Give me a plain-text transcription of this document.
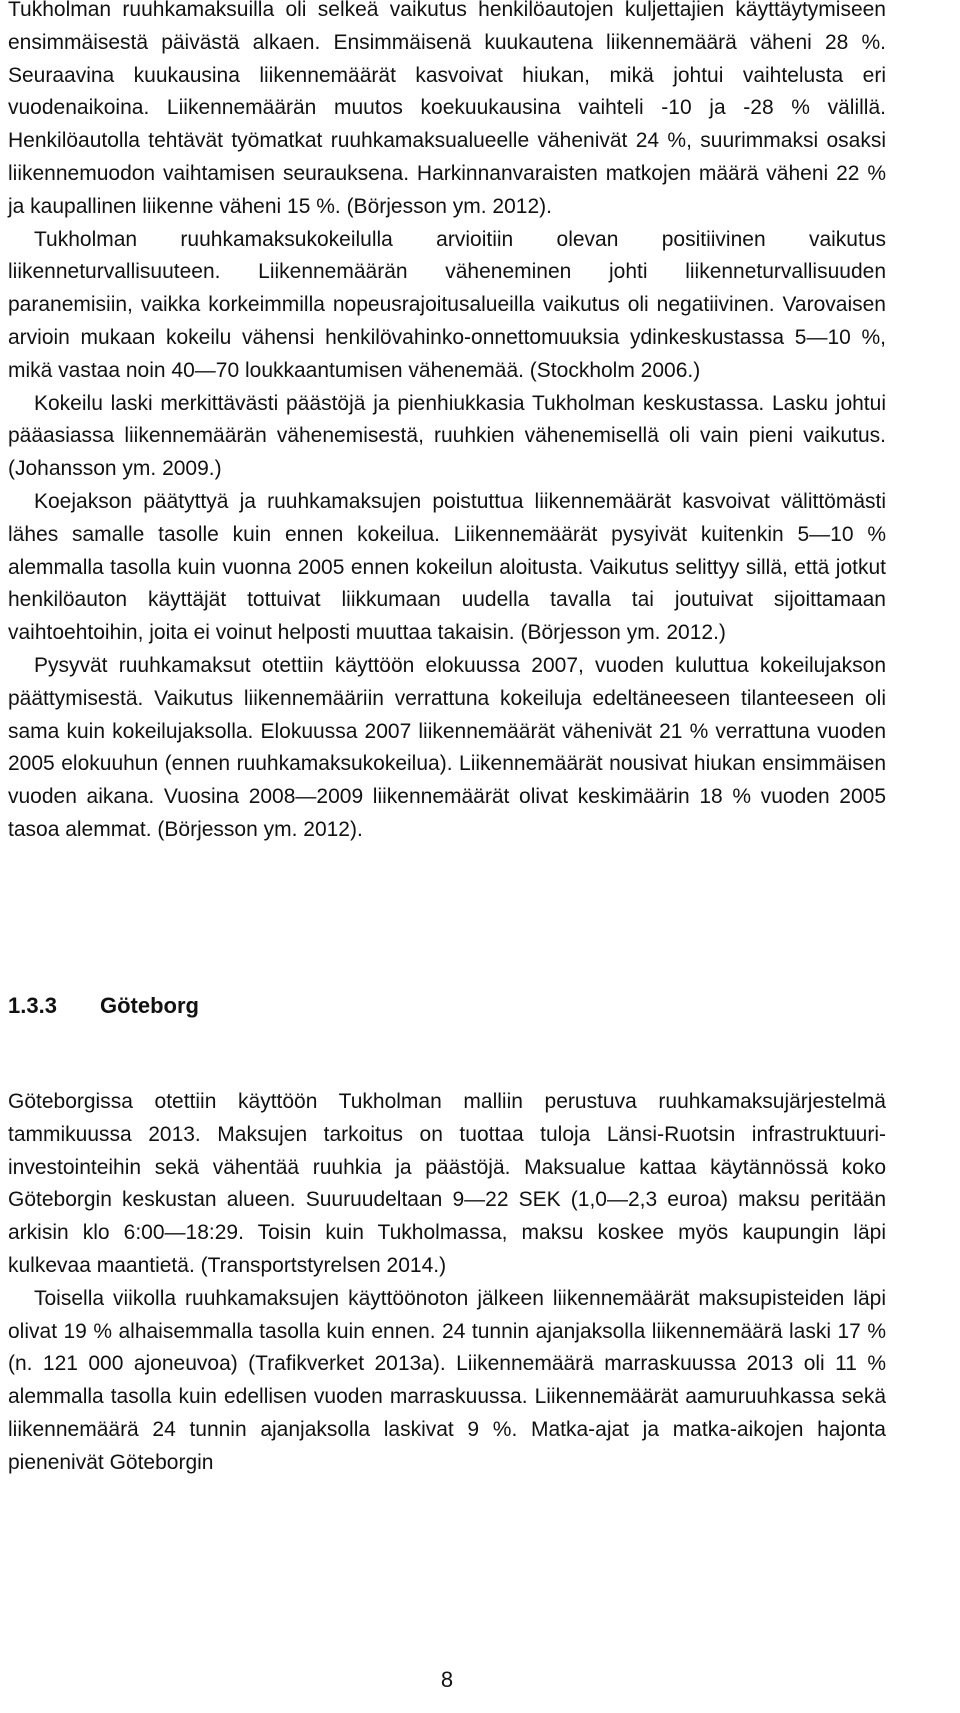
Tukholman ruuhkamaksuilla oli selkeä vaikutus henkilöautojen kuljettajien käyttäytymiseen ensimmäisestä päivästä alkaen. Ensimmäisenä kuukautena liikennemäärä väheni 28 %. Seuraavina kuukausina liikennemäärät kasvoivat hiukan, mikä johtui vaihtelusta eri vuodenaikoina. Liikennemäärän muutos koekuukausina vaihteli -10 ja -28 % välillä. Henkilöautolla tehtävät työmatkat ruuhkamaksualueelle vähenivät 24 %, suurimmaksi osaksi liikennemuodon vaihtamisen seurauksena. Harkinnanvaraisten matkojen määrä väheni 22 % ja kaupallinen liikenne väheni 15 %. (Börjesson ym. 2012).

Tukholman ruuhkamaksukokeilulla arvioitiin olevan positiivinen vaikutus liikenneturvallisuuteen. Liikennemäärän väheneminen johti liikenneturvallisuuden paranemisiin, vaikka korkeimmilla nopeusrajoitusalueilla vaikutus oli negatiivinen. Varovaisen arvioin mukaan kokeilu vähensi henkilövahinko-onnettomuuksia ydinkeskustassa 5—10 %, mikä vastaa noin 40—70 loukkaantumisen vähenemää. (Stockholm 2006.)

Kokeilu laski merkittävästi päästöjä ja pienhiukkasia Tukholman keskustassa. Lasku johtui pääasiassa liikennemäärän vähenemisestä, ruuhkien vähenemisellä oli vain pieni vaikutus. (Johansson ym. 2009.)

Koejakson päätyttyä ja ruuhkamaksujen poistuttua liikennemäärät kasvoivat välittömästi lähes samalle tasolle kuin ennen kokeilua. Liikennemäärät pysyivät kuitenkin 5—10 % alemmalla tasolla kuin vuonna 2005 ennen kokeilun aloitusta. Vaikutus selittyy sillä, että jotkut henkilöauton käyttäjät tottuivat liikkumaan uudella tavalla tai joutuivat sijoittamaan vaihtoehtoihin, joita ei voinut helposti muuttaa takaisin. (Börjesson ym. 2012.)

Pysyvät ruuhkamaksut otettiin käyttöön elokuussa 2007, vuoden kuluttua kokeilujakson päättymisestä. Vaikutus liikennemääriin verrattuna kokeiluja edeltäneeseen tilanteeseen oli sama kuin kokeilujaksolla. Elokuussa 2007 liikennemäärät vähenivät 21 % verrattuna vuoden 2005 elokuuhun (ennen ruuhkamaksukokeilua). Liikennemäärät nousivat hiukan ensimmäisen vuoden aikana. Vuosina 2008—2009 liikennemäärät olivat keskimäärin 18 % vuoden 2005 tasoa alemmat. (Börjesson ym. 2012).

1.3.3	Göteborg

Göteborgissa otettiin käyttöön Tukholman malliin perustuva ruuhkamaksujärjestelmä tammikuussa 2013. Maksujen tarkoitus on tuottaa tuloja Länsi-Ruotsin infrastruktuuri-investointeihin sekä vähentää ruuhkia ja päästöjä. Maksualue kattaa käytännössä koko Göteborgin keskustan alueen. Suuruudeltaan 9—22 SEK (1,0—2,3 euroa) maksu peritään arkisin klo 6:00—18:29. Toisin kuin Tukholmassa, maksu koskee myös kaupungin läpi kulkevaa maantietä. (Transportstyrelsen 2014.)

Toisella viikolla ruuhkamaksujen käyttöönoton jälkeen liikennemäärät maksupisteiden läpi olivat 19 % alhaisemmalla tasolla kuin ennen. 24 tunnin ajanjaksolla liikennemäärä laski 17 % (n. 121 000 ajoneuvoa) (Trafikverket 2013a). Liikennemäärä marraskuussa 2013 oli 11 % alemmalla tasolla kuin edellisen vuoden marraskuussa. Liikennemäärät aamuruuhkassa sekä liikennemäärä 24 tunnin ajanjaksolla laskivat 9 %. Matka-ajat ja matka-aikojen hajonta pienenivät Göteborgin

8
